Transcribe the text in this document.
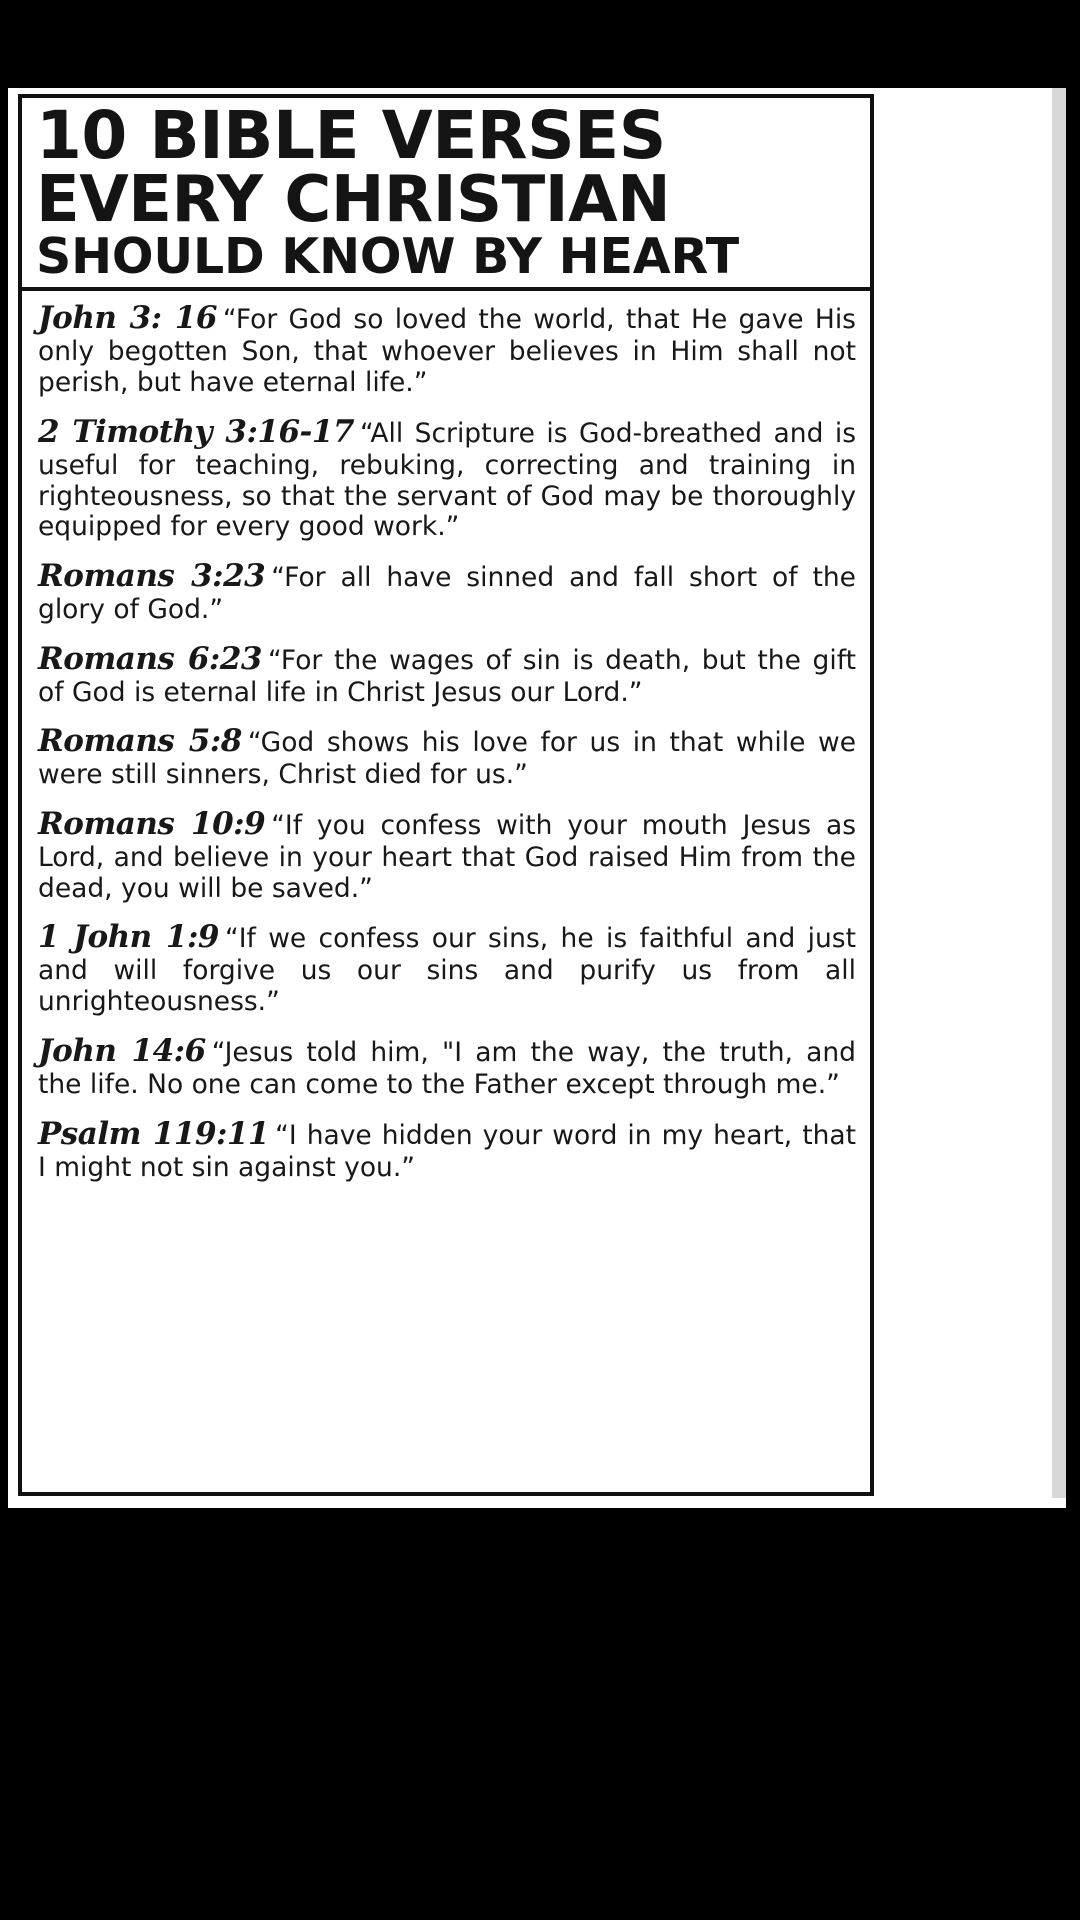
10 BIBLE VERSES
EVERY CHRISTIAN
SHOULD KNOW BY HEART

John 3: 16 “For God so loved the world, that He gave His only begotten Son, that whoever believes in Him shall not perish, but have eternal life.”

2 Timothy 3:16-17 “All Scripture is God-breathed and is useful for teaching, rebuking, correcting and training in righteousness, so that the servant of God may be thoroughly equipped for every good work.”

Romans 3:23 “For all have sinned and fall short of the glory of God.”

Romans 6:23 “For the wages of sin is death, but the gift of God is eternal life in Christ Jesus our Lord.”

Romans 5:8 “God shows his love for us in that while we were still sinners, Christ died for us.”

Romans 10:9 “If you confess with your mouth Jesus as Lord, and believe in your heart that God raised Him from the dead, you will be saved.”

1 John 1:9 “If we confess our sins, he is faithful and just and will forgive us our sins and purify us from all unrighteousness.”

John 14:6 “Jesus told him, "I am the way, the truth, and the life. No one can come to the Father except through me.”

Psalm 119:11 “I have hidden your word in my heart, that I might not sin against you.”
